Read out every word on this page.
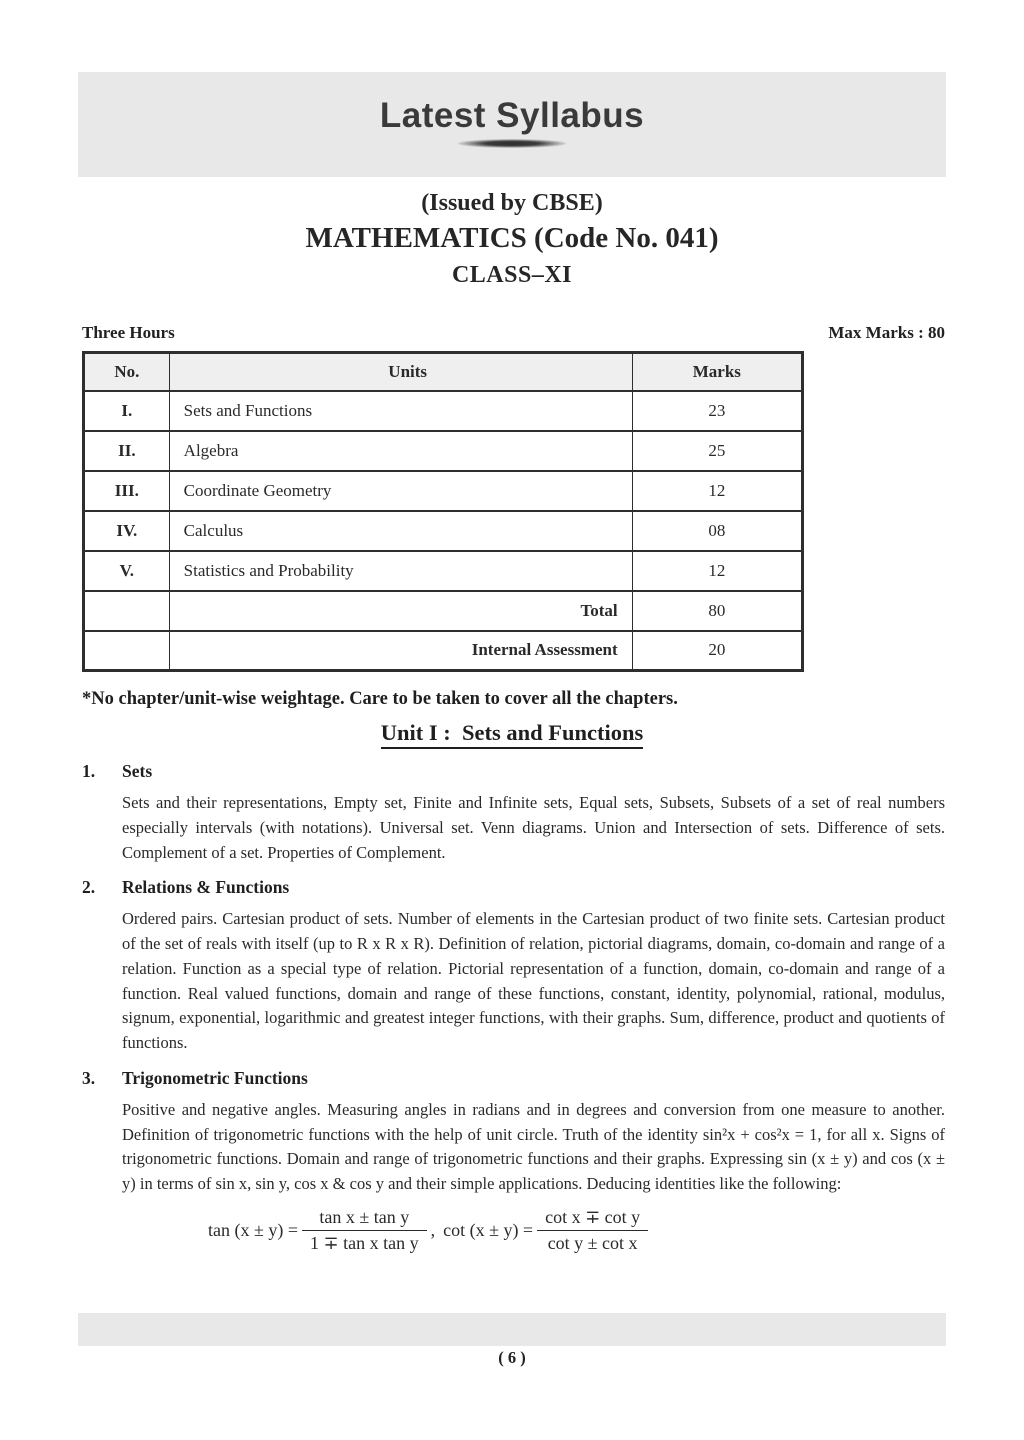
Latest Syllabus
(Issued by CBSE)
MATHEMATICS (Code No. 041)
CLASS–XI
Three Hours	Max Marks : 80
No.	Units	Marks
I.	Sets and Functions	23
II.	Algebra	25
III.	Coordinate Geometry	12
IV.	Calculus	08
V.	Statistics and Probability	12
	Total	80
	Internal Assessment	20
*No chapter/unit-wise weightage. Care to be taken to cover all the chapters.
Unit I :  Sets and Functions
1.	Sets
Sets and their representations, Empty set, Finite and Infinite sets, Equal sets, Subsets, Subsets of a set of real numbers especially intervals (with notations). Universal set. Venn diagrams. Union and Intersection of sets. Difference of sets. Complement of a set. Properties of Complement.
2.	Relations & Functions
Ordered pairs. Cartesian product of sets. Number of elements in the Cartesian product of two finite sets. Cartesian product of the set of reals with itself (up to R x R x R). Definition of relation, pictorial diagrams, domain, co-domain and range of a relation. Function as a special type of relation. Pictorial representation of a function, domain, co-domain and range of a function. Real valued functions, domain and range of these functions, constant, identity, polynomial, rational, modulus, signum, exponential, logarithmic and greatest integer functions, with their graphs. Sum, difference, product and quotients of functions.
3.	Trigonometric Functions
Positive and negative angles. Measuring angles in radians and in degrees and conversion from one measure to another. Definition of trigonometric functions with the help of unit circle. Truth of the identity sin²x + cos²x = 1, for all x. Signs of trigonometric functions. Domain and range of trigonometric functions and their graphs. Expressing sin (x ± y) and cos (x ± y) in terms of sin x, sin y, cos x & cos y and their simple applications. Deducing identities like the following:
$\tan (x \pm y) = \frac{\text{tan x ± tan y}}{\text{1 ∓ tan x tan y}}$ , $\cot (x \pm y) = \frac{\text{cot x ∓ cot y}}{\text{cot y ± cot x}}$
( 6 )
